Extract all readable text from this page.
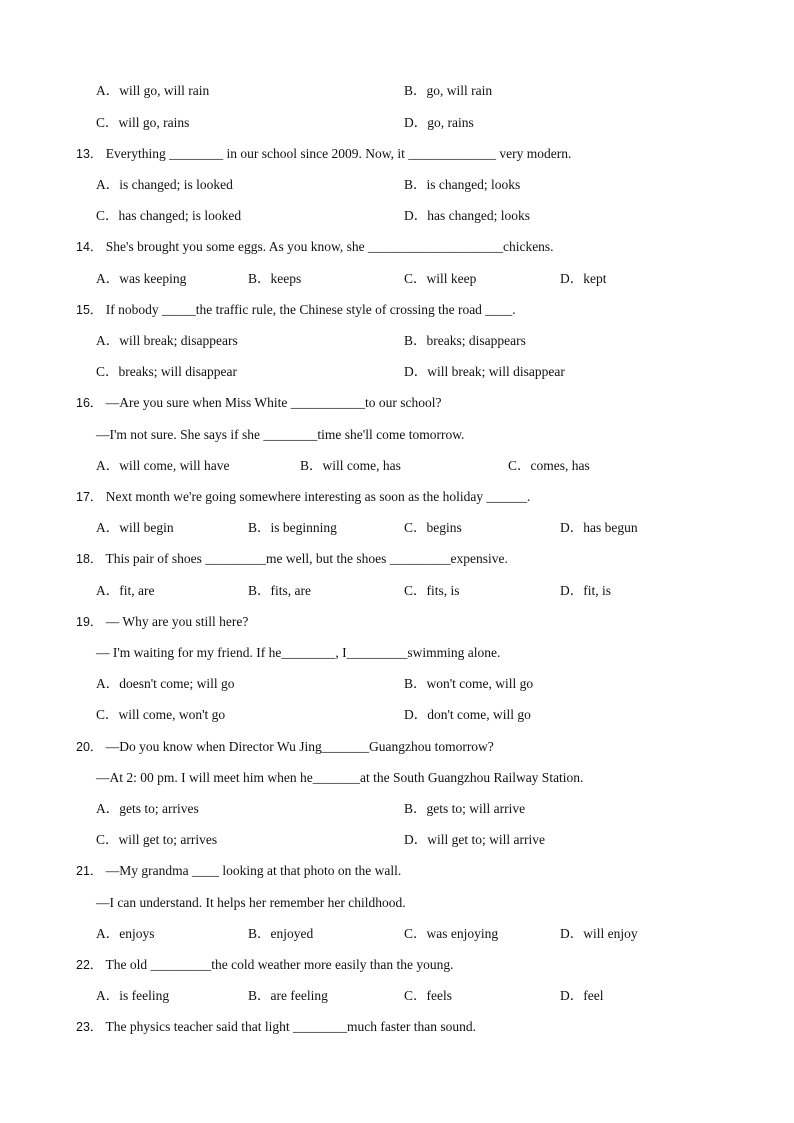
A．will go, will rain	B．go, will rain
C．will go, rains	D．go, rains
13． Everything ________ in our school since 2009. Now, it _____________ very modern.
A．is changed; is looked	B．is changed; looks
C．has changed; is looked	D．has changed; looks
14． She's brought you some eggs. As you know, she ____________________chickens.
A．was keeping	B．keeps	C．will keep	D．kept
15． If nobody _____the traffic rule, the Chinese style of crossing the road ____.
A．will break; disappears	B．breaks; disappears
C．breaks; will disappear	D．will break; will disappear
16． —Are you sure when Miss White ___________to our school?
—I'm not sure. She says if she ________time she'll come tomorrow.
A．will come, will have	B．will come, has	C．comes, has
17． Next month we're going somewhere interesting as soon as the holiday ______.
A．will begin	B．is beginning	C．begins	D．has begun
18． This pair of shoes _________me well, but the shoes _________expensive.
A．fit, are	B．fits, are	C．fits, is	D．fit, is
19． — Why are you still here?
— I'm waiting for my friend. If he________, I_________swimming alone.
A．doesn't come; will go	B．won't come, will go
C．will come, won't go	D．don't come, will go
20． —Do you know when Director Wu Jing_______Guangzhou tomorrow?
—At 2: 00 pm. I will meet him when he_______at the South Guangzhou Railway Station.
A．gets to; arrives	B．gets to; will arrive
C．will get to; arrives	D．will get to; will arrive
21． —My grandma ____ looking at that photo on the wall.
—I can understand. It helps her remember her childhood.
A．enjoys	B．enjoyed	C．was enjoying	D．will enjoy
22． The old _________the cold weather more easily than the young.
A．is feeling	B．are feeling	C．feels	D．feel
23． The physics teacher said that light ________much faster than sound.
